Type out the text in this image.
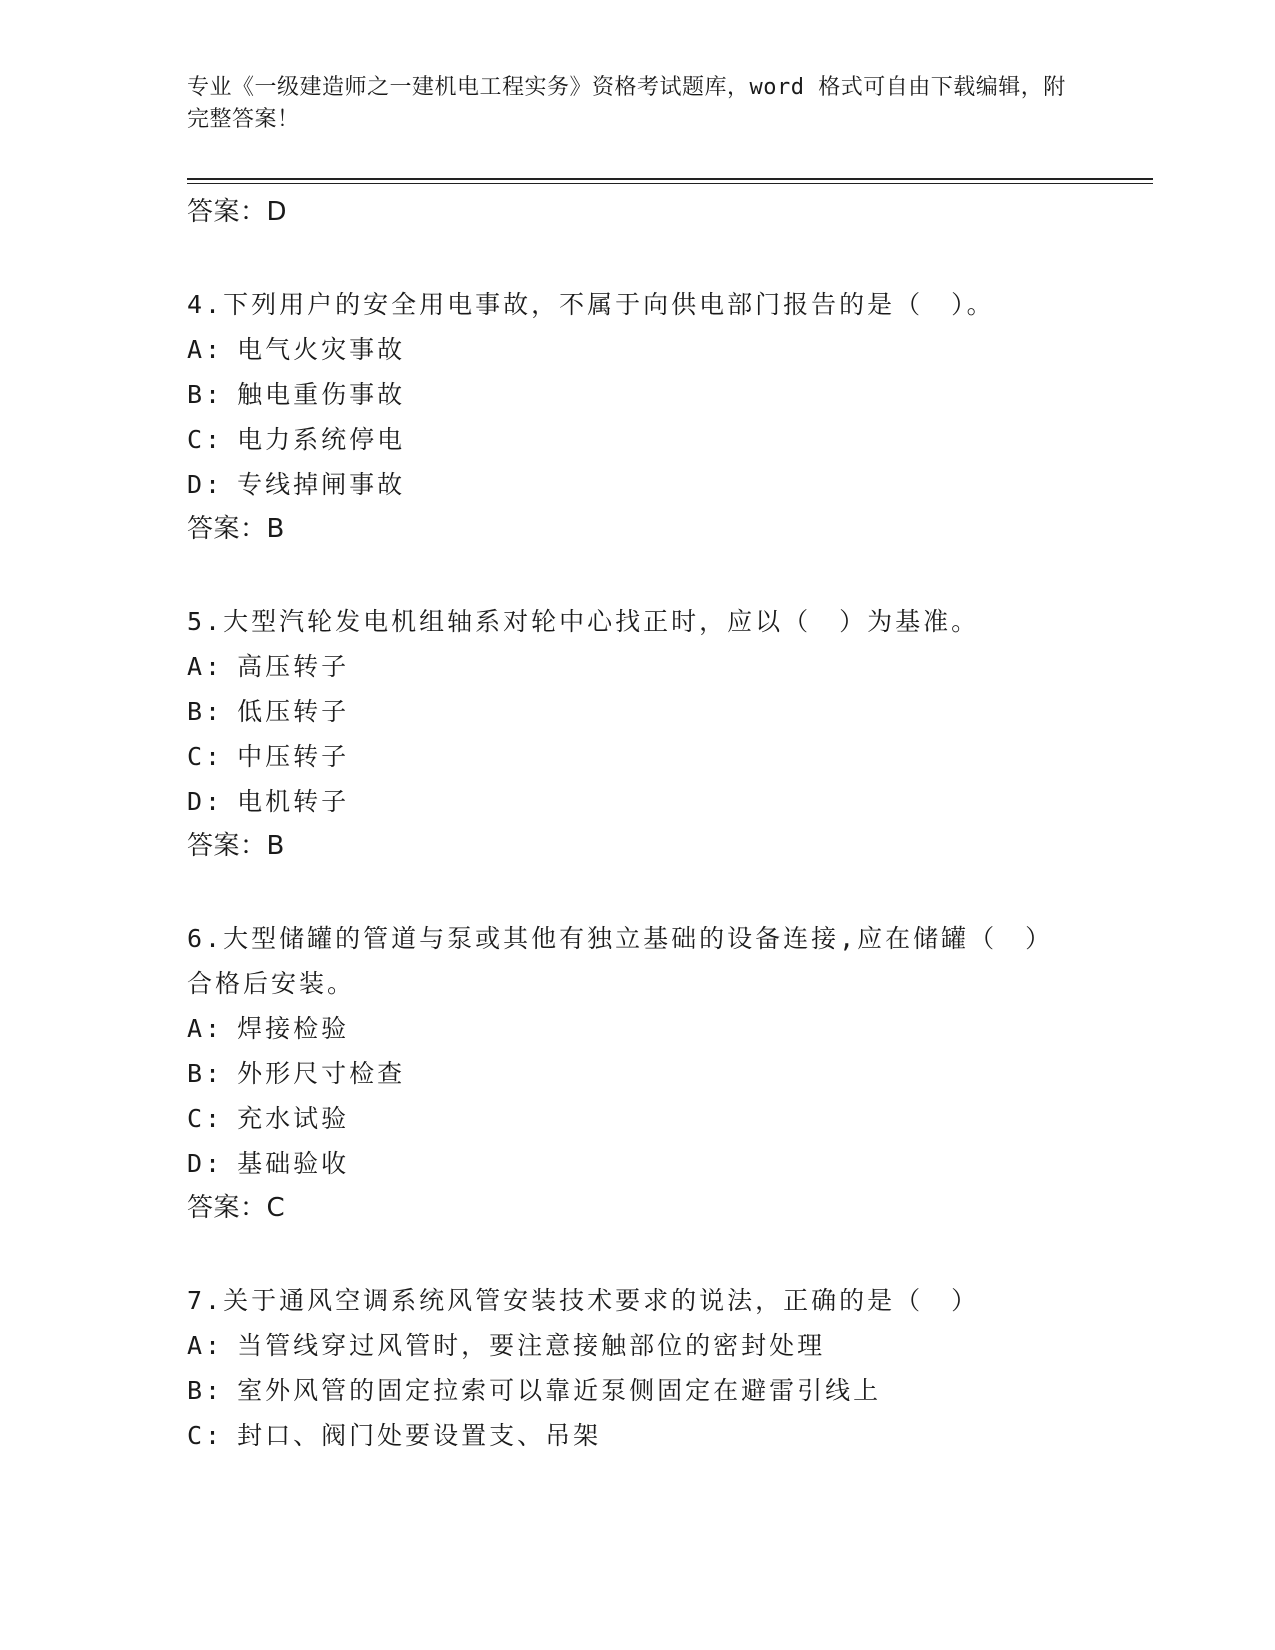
专业《一级建造师之一建机电工程实务》资格考试题库，word 格式可自由下载编辑，附完整答案！
答案：D
4.下列用户的安全用电事故，不属于向供电部门报告的是（　）。
A: 电气火灾事故
B: 触电重伤事故
C: 电力系统停电
D: 专线掉闸事故
答案：B
5.大型汽轮发电机组轴系对轮中心找正时，应以（　）为基准。
A: 高压转子
B: 低压转子
C: 中压转子
D: 电机转子
答案：B
6.大型储罐的管道与泵或其他有独立基础的设备连接,应在储罐（　）
合格后安装。
A: 焊接检验
B: 外形尺寸检查
C: 充水试验
D: 基础验收
答案：C
7.关于通风空调系统风管安装技术要求的说法，正确的是（　）
A: 当管线穿过风管时，要注意接触部位的密封处理
B: 室外风管的固定拉索可以靠近泵侧固定在避雷引线上
C: 封口、阀门处要设置支、吊架
